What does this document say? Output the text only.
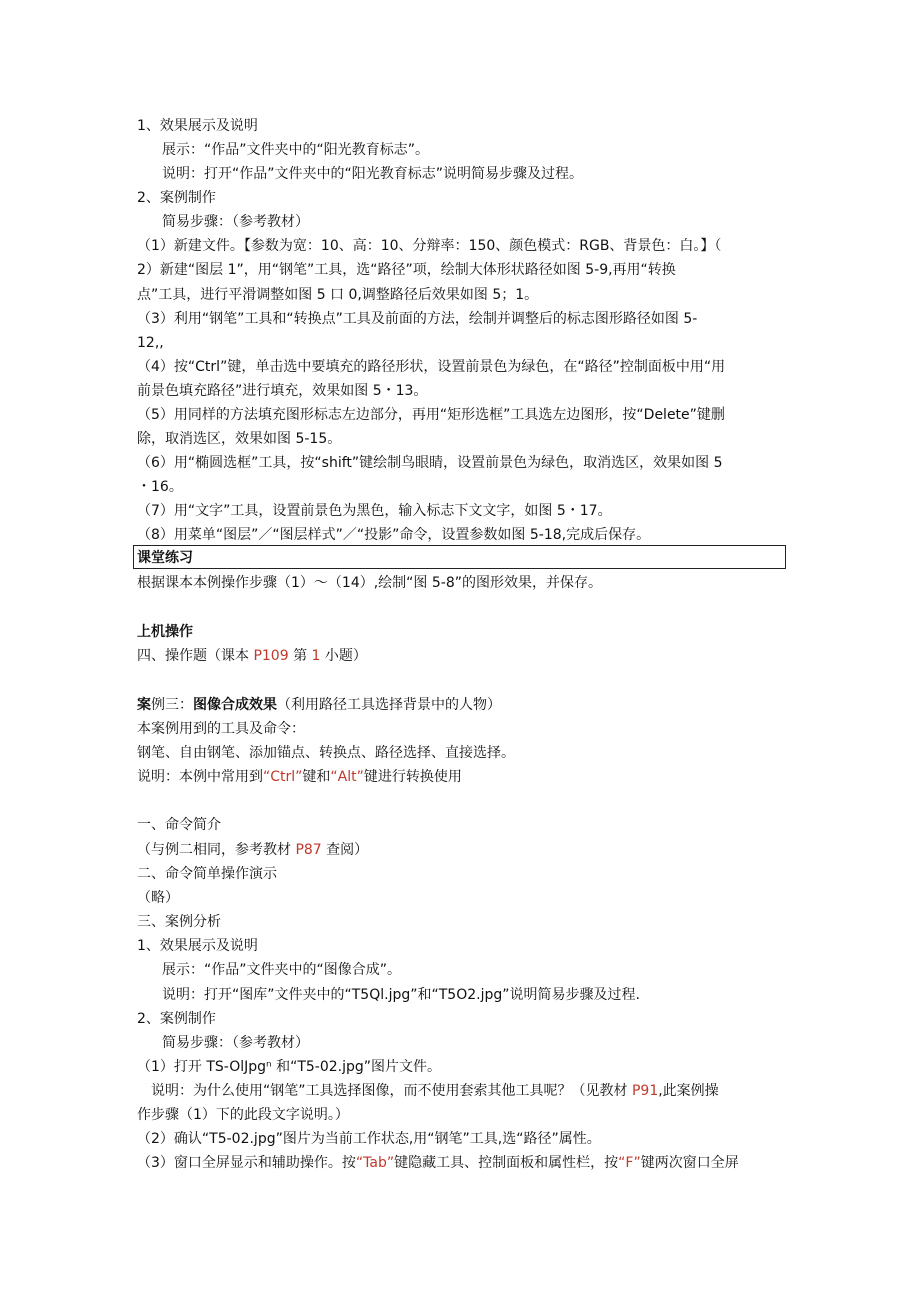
1、效果展示及说明
展示：“作品”文件夹中的“阳光教育标志”。
说明：打开“作品”文件夹中的“阳光教育标志”说明简易步骤及过程。
2、案例制作
简易步骤：（参考教材）
（1）新建文件。【参数为宽：10、高：10、分辩率：150、颜色模式：RGB、背景色：白。】（
2）新建“图层 1”，用“钢笔”工具，选“路径”项，绘制大体形状路径如图 5-9,再用“转换
点”工具，进行平滑调整如图 5 口 0,调整路径后效果如图 5；1。
（3）利用“钢笔”工具和“转换点”工具及前面的方法，绘制并调整后的标志图形路径如图 5-
12,,
（4）按“Ctrl”键，单击选中要填充的路径形状，设置前景色为绿色，在“路径”控制面板中用“用
前景色填充路径”进行填充，效果如图 5・13。
（5）用同样的方法填充图形标志左边部分，再用“矩形选框”工具选左边图形，按“Delete”键删
除，取消选区，效果如图 5-15。
（6）用“椭圆选框”工具，按“shift”键绘制鸟眼睛，设置前景色为绿色，取消选区，效果如图 5
・16。
（7）用“文字”工具，设置前景色为黑色，输入标志下文文字，如图 5・17。
（8）用菜单“图层”／“图层样式”／“投影”命令，设置参数如图 5-18,完成后保存。
课堂练习
根据课本本例操作步骤（1）～（14）,绘制“图 5-8”的图形效果，并保存。
上机操作
四、操作题（课本 P109 第 1 小题）
案例三：图像合成效果（利用路径工具选择背景中的人物）
本案例用到的工具及命令：
钢笔、自由钢笔、添加锚点、转换点、路径选择、直接选择。
说明：本例中常用到“Ctrl”键和“Alt”键进行转换使用
一、命令简介
（与例二相同，参考教材 P87 查阅）
二、命令简单操作演示
（略）
三、案例分析
1、效果展示及说明
展示：“作品”文件夹中的“图像合成”。
说明：打开“图库”文件夹中的“T5Ql.jpg”和“T5O2.jpg”说明简易步骤及过程.
2、案例制作
简易步骤：（参考教材）
（1）打开 TS-OlJpgⁿ 和“T5-02.jpg”图片文件。
说明：为什么使用“钢笔”工具选择图像，而不使用套索其他工具呢？（见教材 P91,此案例操
作步骤（1）下的此段文字说明。）
（2）确认“T5-02.jpg”图片为当前工作状态,用“钢笔”工具,选“路径”属性。
（3）窗口全屏显示和辅助操作。按“Tab”键隐藏工具、控制面板和属性栏，按“F”键两次窗口全屏
